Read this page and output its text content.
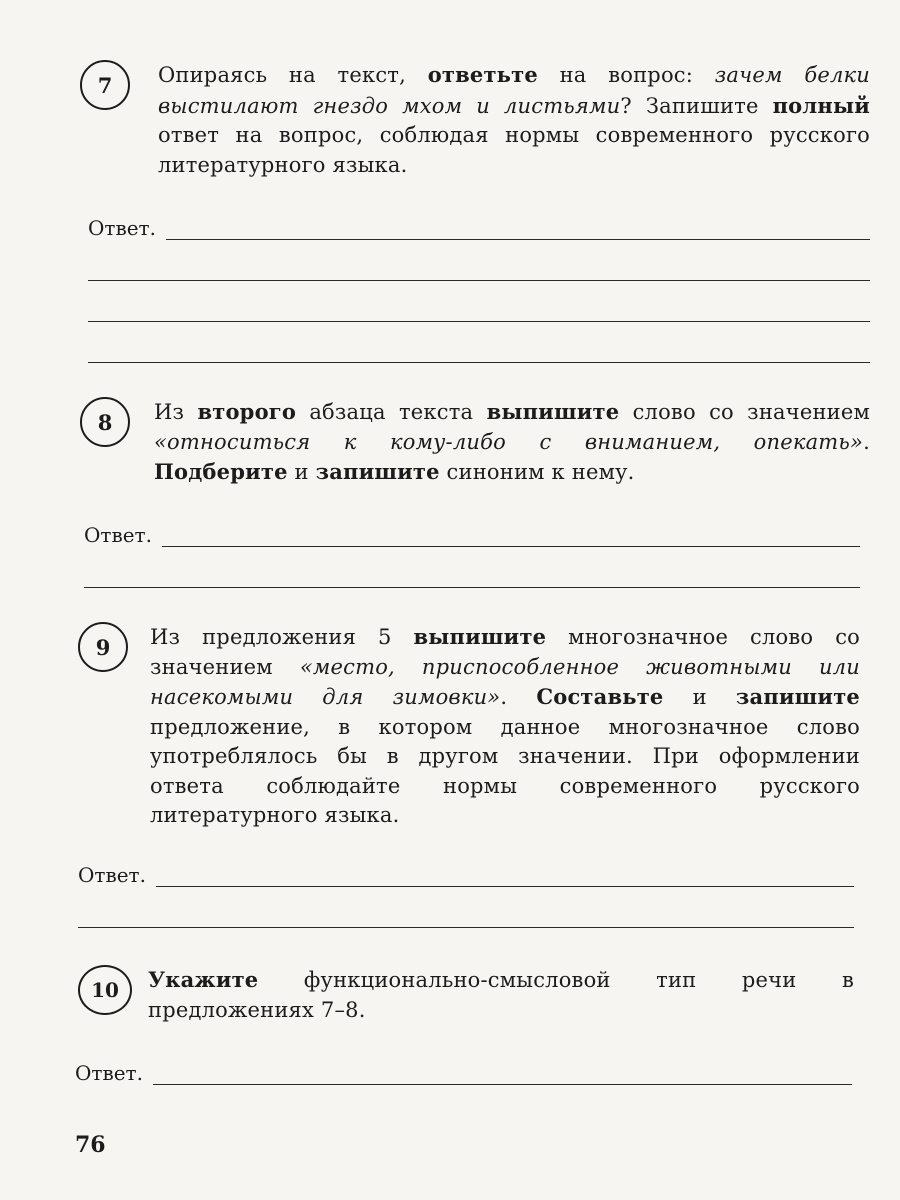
7	Опираясь на текст, ответьте на вопрос: зачем белки выстилают гнездо мхом и листьями? Запишите полный ответ на вопрос, соблюдая нормы современного русского литературного языка.
Ответ.
8	Из второго абзаца текста выпишите слово со значением «относиться к кому-либо с вниманием, опекать». Подберите и запишите синоним к нему.
Ответ.
9	Из предложения 5 выпишите многозначное слово со значением «место, приспособленное животными или насекомыми для зимовки». Составьте и запишите предложение, в котором данное многозначное слово употреблялось бы в другом значении. При оформлении ответа соблюдайте нормы современного русского литературного языка.
Ответ.
10	Укажите функционально-смысловой тип речи в предложениях 7–8.
Ответ.
76
